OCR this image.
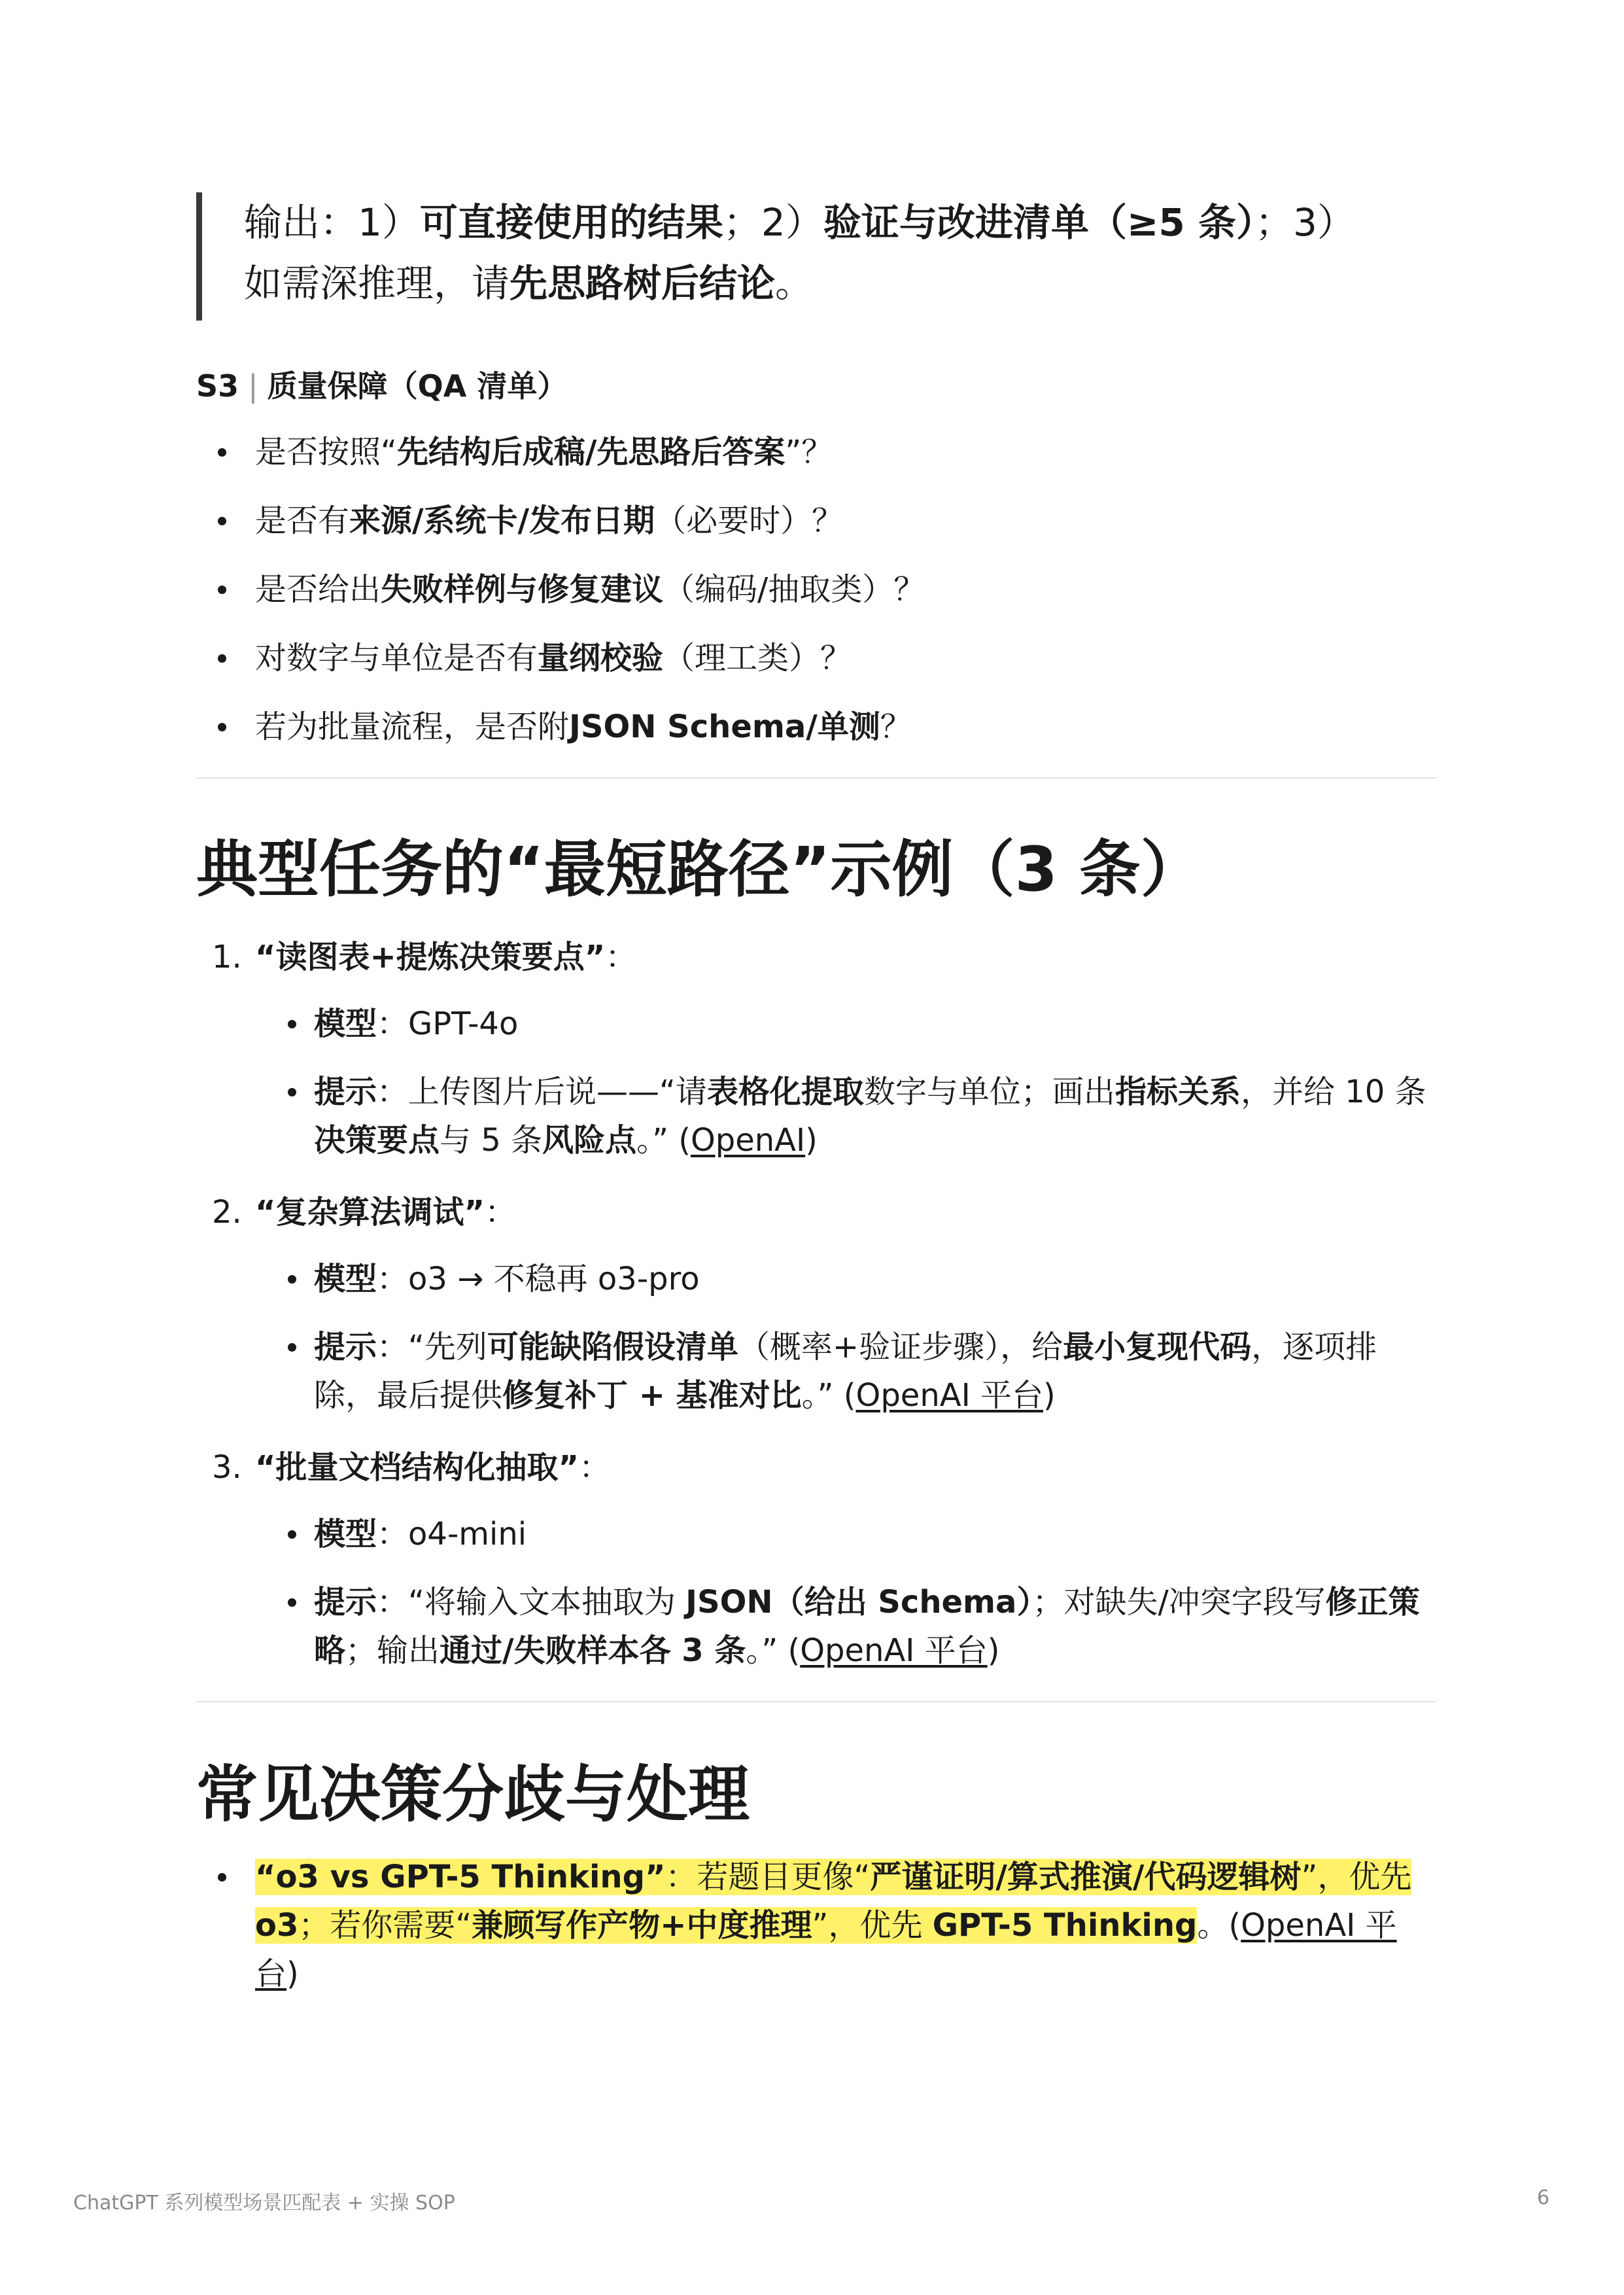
输出：1）可直接使用的结果；2）验证与改进清单（≥5 条）；3）
如需深推理，请先思路树后结论。
S3 | 质量保障（QA 清单）
是否按照“先结构后成稿/先思路后答案”？
是否有来源/系统卡/发布日期（必要时）？
是否给出失败样例与修复建议（编码/抽取类）？
对数字与单位是否有量纲校验（理工类）？
若为批量流程，是否附JSON Schema/单测？
典型任务的“最短路径”示例（3 条）
1. “读图表+提炼决策要点”：
模型：GPT-4o
提示：上传图片后说——“请表格化提取数字与单位；画出指标关系，并给 10 条决策要点与 5 条风险点。” (OpenAI)
2. “复杂算法调试”：
模型：o3 → 不稳再 o3-pro
提示：“先列可能缺陷假设清单（概率+验证步骤），给最小复现代码，逐项排除，最后提供修复补丁 + 基准对比。” (OpenAI 平台)
3. “批量文档结构化抽取”：
模型：o4-mini
提示：“将输入文本抽取为 JSON（给出 Schema）；对缺失/冲突字段写修正策略；输出通过/失败样本各 3 条。” (OpenAI 平台)
常见决策分歧与处理
“o3 vs GPT-5 Thinking”：若题目更像“严谨证明/算式推演/代码逻辑树”，优先 o3；若你需要“兼顾写作产物+中度推理”，优先 GPT-5 Thinking。(OpenAI 平台)
ChatGPT 系列模型场景匹配表 + 实操 SOP	6
